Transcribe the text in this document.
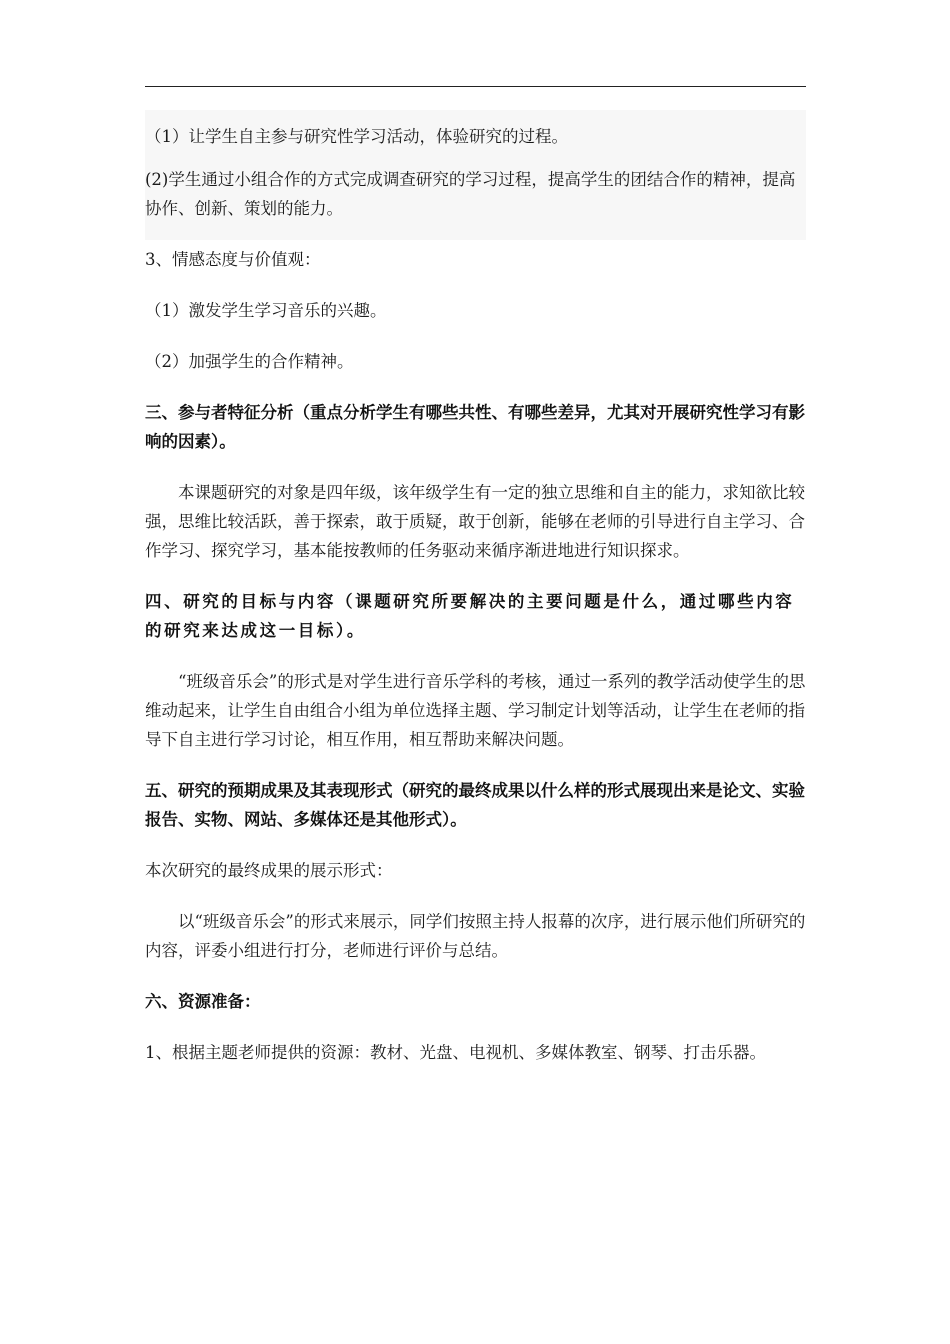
（1）让学生自主参与研究性学习活动，体验研究的过程。

(2)学生通过小组合作的方式完成调查研究的学习过程，提高学生的团结合作的精神，提高协作、创新、策划的能力。

3、情感态度与价值观：

（1）激发学生学习音乐的兴趣。

（2）加强学生的合作精神。

三、参与者特征分析（重点分析学生有哪些共性、有哪些差异，尤其对开展研究性学习有影响的因素）。

本课题研究的对象是四年级，该年级学生有一定的独立思维和自主的能力，求知欲比较强，思维比较活跃，善于探索，敢于质疑，敢于创新，能够在老师的引导进行自主学习、合作学习、探究学习，基本能按教师的任务驱动来循序渐进地进行知识探求。

四、研究的目标与内容（课题研究所要解决的主要问题是什么，通过哪些内容的研究来达成这一目标）。

“班级音乐会”的形式是对学生进行音乐学科的考核，通过一系列的教学活动使学生的思维动起来，让学生自由组合小组为单位选择主题、学习制定计划等活动，让学生在老师的指导下自主进行学习讨论，相互作用，相互帮助来解决问题。

五、研究的预期成果及其表现形式（研究的最终成果以什么样的形式展现出来是论文、实验报告、实物、网站、多媒体还是其他形式）。

本次研究的最终成果的展示形式：

以“班级音乐会”的形式来展示，同学们按照主持人报幕的次序，进行展示他们所研究的内容，评委小组进行打分，老师进行评价与总结。

六、资源准备：

1、根据主题老师提供的资源：教材、光盘、电视机、多媒体教室、钢琴、打击乐器。
